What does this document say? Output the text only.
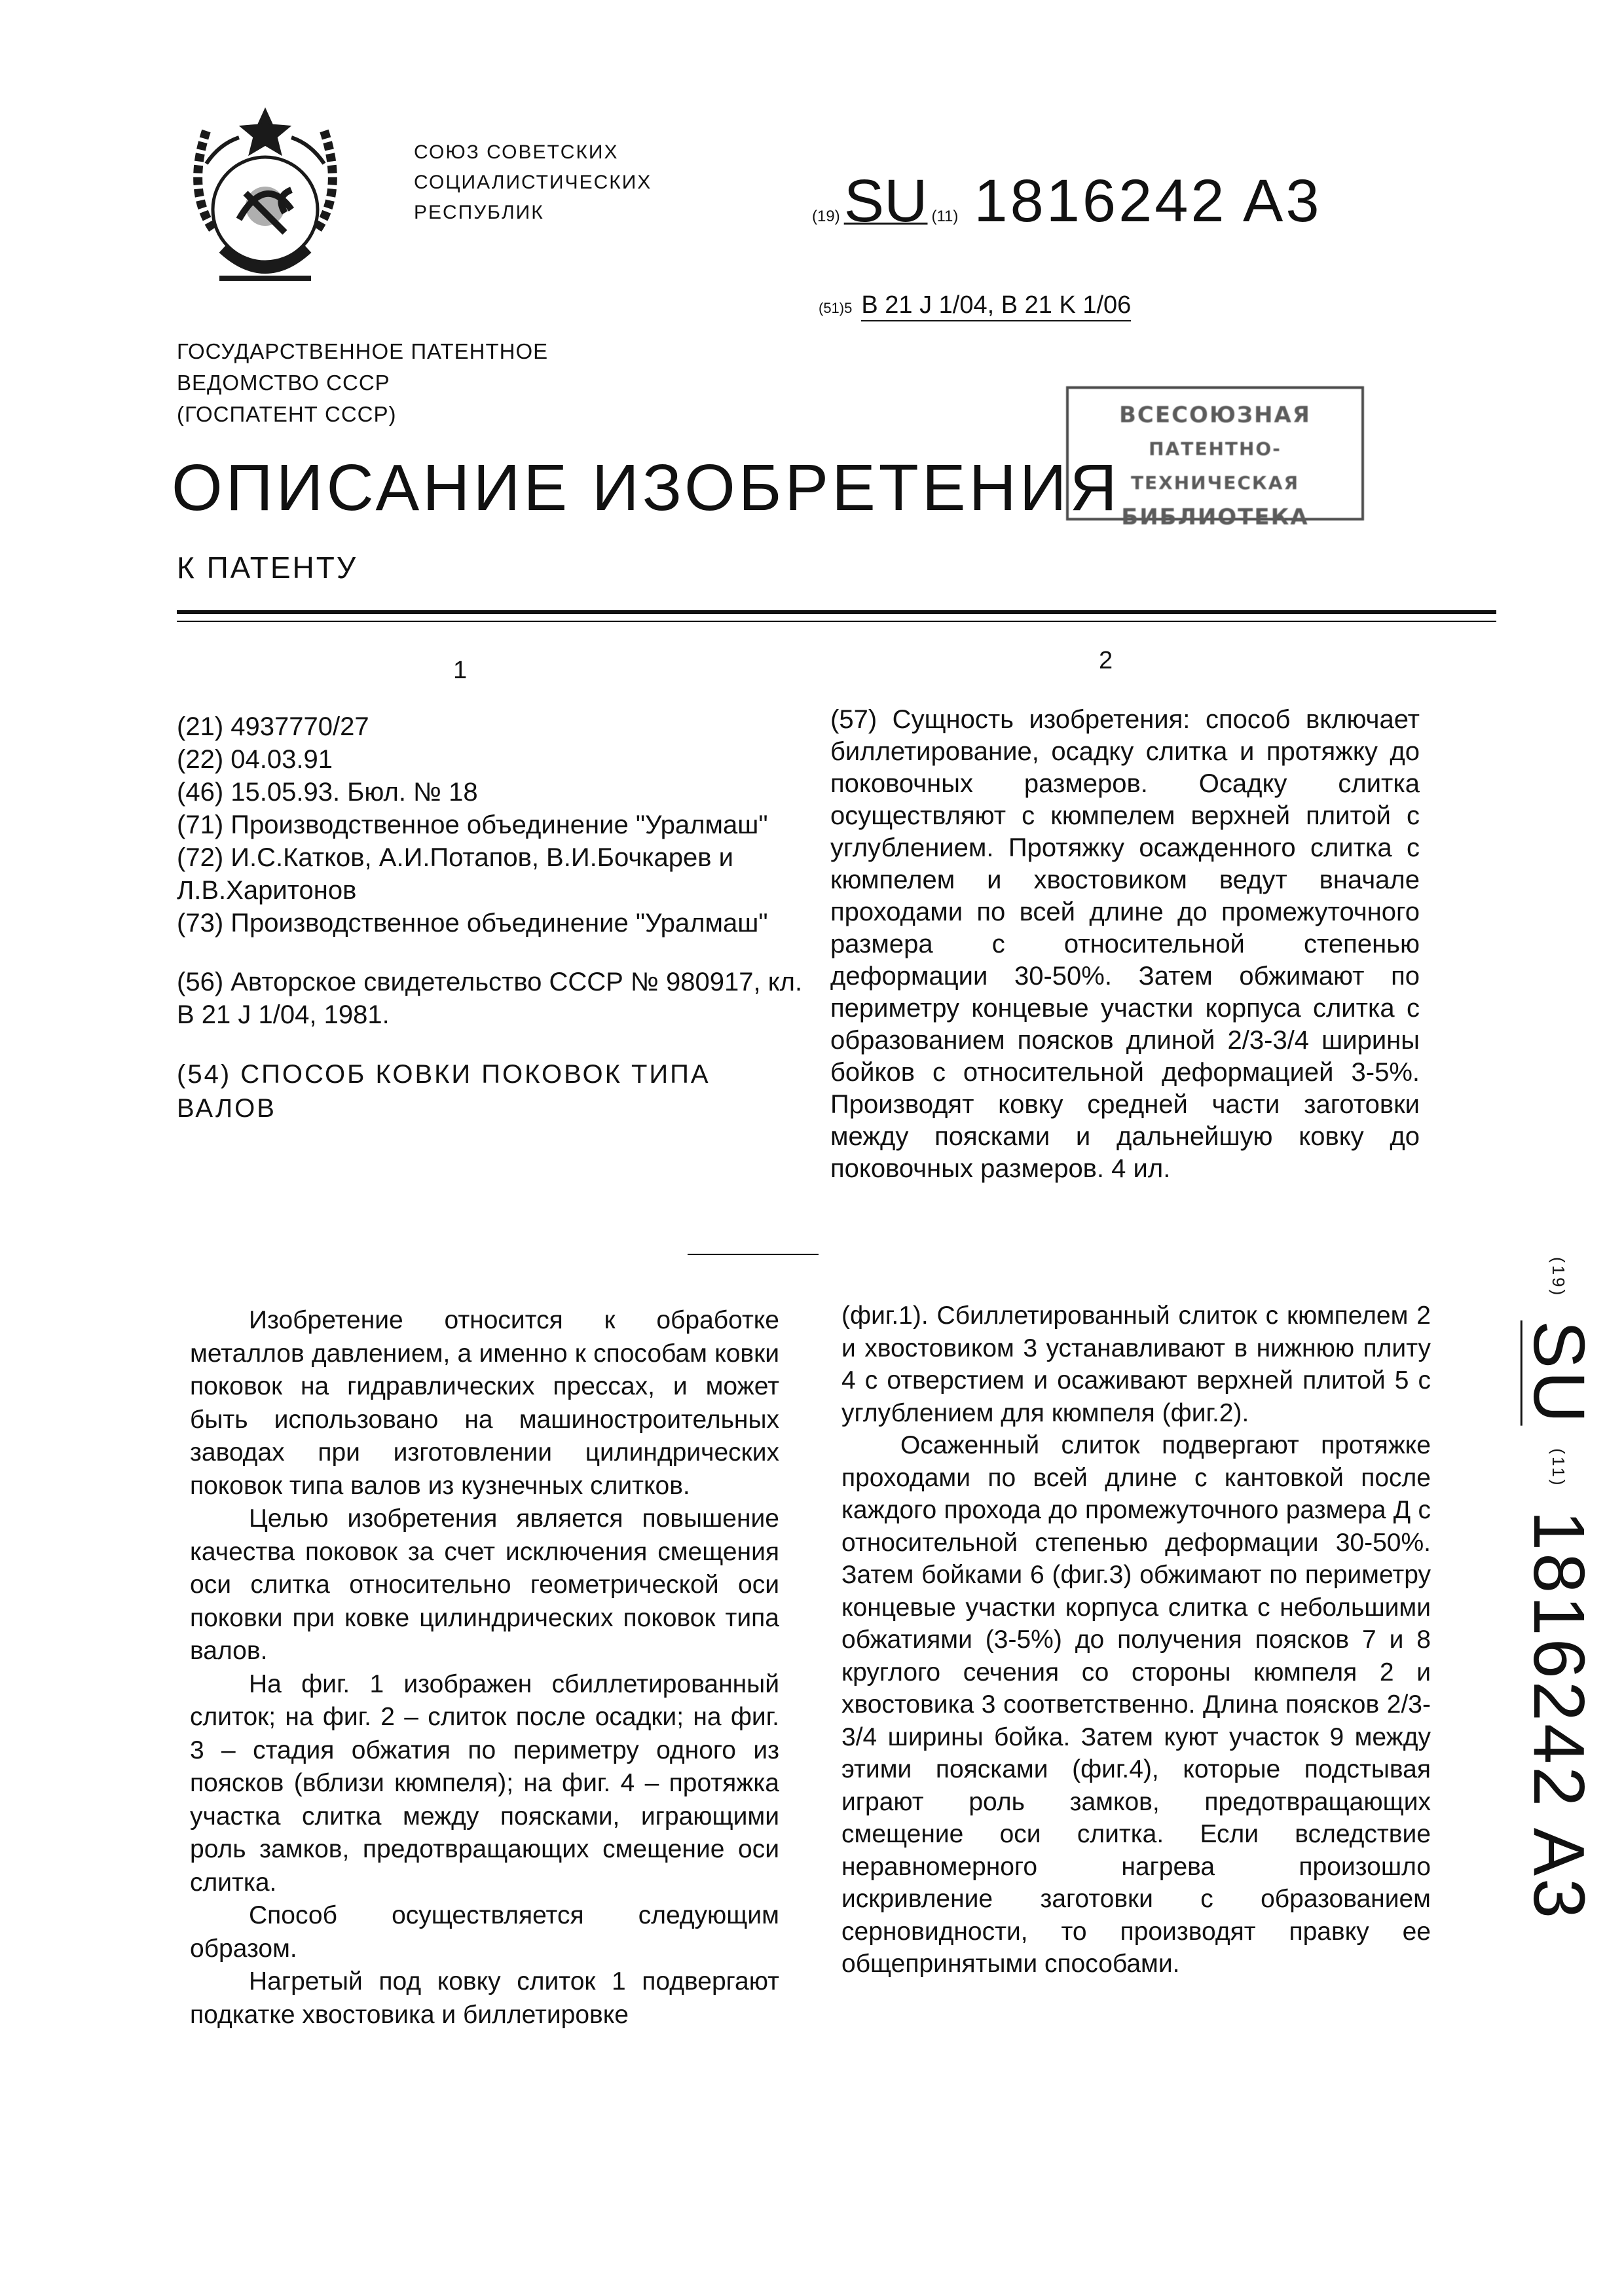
СОЮЗ СОВЕТСКИХ
СОЦИАЛИСТИЧЕСКИХ
РЕСПУБЛИК	(19)SU (11) 1816242 A3
(51)5 B 21 J 1/04, B 21 K 1/06
ГОСУДАРСТВЕННОЕ ПАТЕНТНОЕ
ВЕДОМСТВО СССР
(ГОСПАТЕНТ СССР)	ВСЕСОЮЗНАЯ
ПАТЕНТНО-ТЕХНИЧЕСКАЯ
БИБЛИОТЕКА
ОПИСАНИЕ ИЗОБРЕТЕНИЯ
К ПАТЕНТУ
1	2

(21) 4937770/27

(22) 04.03.91

(46) 15.05.93. Бюл. № 18

(71) Производственное объединение "Уралмаш"

(72) И.С.Катков, А.И.Потапов, В.И.Бочкарев и Л.В.Харитонов

(73) Производственное объединение "Уралмаш"

(56) Авторское свидетельство СССР № 980917, кл. B 21 J 1/04, 1981.

(54) СПОСОБ КОВКИ ПОКОВОК ТИПА ВАЛОВ

(57) Сущность изобретения: способ включает биллетирование, осадку слитка и протяжку до поковочных размеров. Осадку слитка осуществляют с кюмпелем верхней плитой с углублением. Протяжку осажденного слитка с кюмпелем и хвостовиком ведут вначале проходами по всей длине до промежуточного размера с относительной степенью деформации 30-50%. Затем обжимают по периметру концевые участки корпуса слитка с образованием поясков длиной 2/3-3/4 ширины бойков с относительной деформацией 3-5%. Производят ковку средней части заготовки между поясками и дальнейшую ковку до поковочных размеров. 4 ил.

Изобретение относится к обработке металлов давлением, а именно к способам ковки поковок на гидравлических прессах, и может быть использовано на машиностроительных заводах при изготовлении цилиндрических поковок типа валов из кузнечных слитков.

Целью изобретения является повышение качества поковок за счет исключения смещения оси слитка относительно геометрической оси поковки при ковке цилиндрических поковок типа валов.

На фиг. 1 изображен сбиллетированный слиток; на фиг. 2 – слиток после осадки; на фиг. 3 – стадия обжатия по периметру одного из поясков (вблизи кюмпеля); на фиг. 4 – протяжка участка слитка между поясками, играющими роль замков, предотвращающих смещение оси слитка.

Способ осуществляется следующим образом.

Нагретый под ковку слиток 1 подвергают подкатке хвостовика и биллетировке

(фиг.1). Сбиллетированный слиток с кюмпелем 2 и хвостовиком 3 устанавливают в нижнюю плиту 4 с отверстием и осаживают верхней плитой 5 с углублением для кюмпеля (фиг.2).

Осаженный слиток подвергают протяжке проходами по всей длине с кантовкой после каждого прохода до промежуточного размера Д с относительной степенью деформации 30-50%. Затем бойками 6 (фиг.3) обжимают по периметру концевые участки корпуса слитка с небольшими обжатиями (3-5%) до получения поясков 7 и 8 круглого сечения со стороны кюмпеля 2 и хвостовика 3 соответственно. Длина поясков 2/3-3/4 ширины бойка. Затем куют участок 9 между этими поясками (фиг.4), которые подстывая играют роль замков, предотвращающих смещение оси слитка. Если вследствие неравномерного нагрева произошло искривление заготовки с образованием серновидности, то производят правку ее общепринятыми способами.

(19) SU (11) 1816242 A3
